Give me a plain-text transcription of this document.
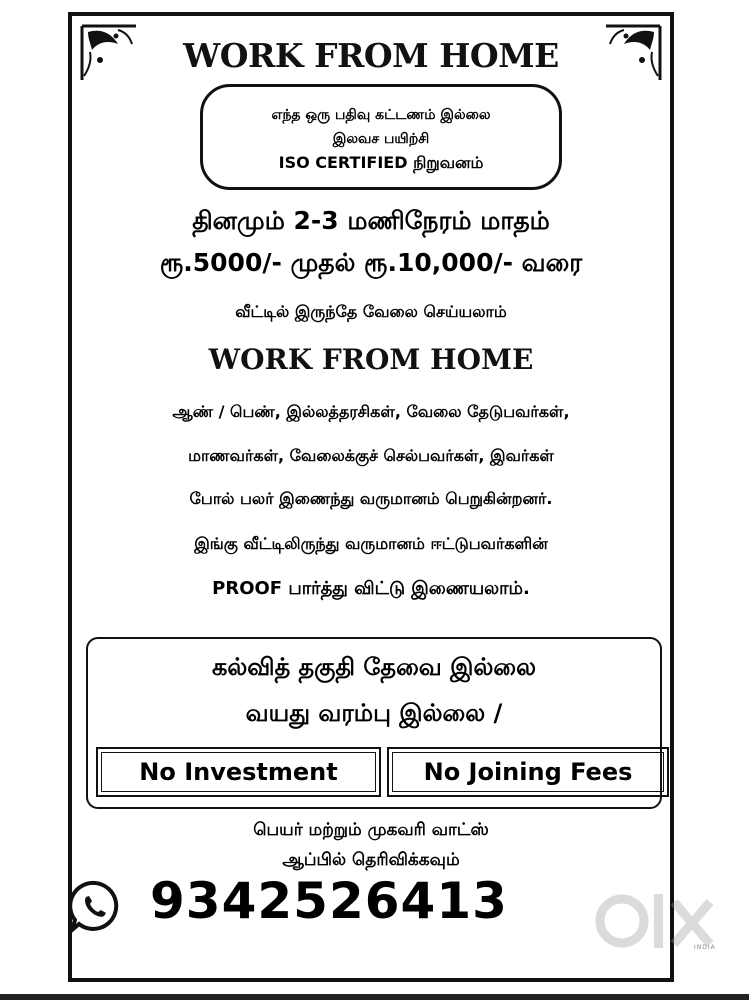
WORK FROM HOME
எந்த ஒரு பதிவு கட்டணம் இல்லை
இலவச பயிற்சி
ISO CERTIFIED நிறுவனம்
தினமும் 2-3 மணிநேரம் மாதம்
ரூ.5000/- முதல் ரூ.10,000/- வரை
வீட்டில் இருந்தே வேலை செய்யலாம்
WORK FROM HOME
ஆண் / பெண், இல்லத்தரசிகள், வேலை தேடுபவர்கள்,
மாணவர்கள், வேலைக்குச் செல்பவர்கள், இவர்கள்
போல் பலர் இணைந்து வருமானம் பெறுகின்றனர்.
இங்கு வீட்டிலிருந்து வருமானம் ஈட்டுபவர்களின்
PROOF பார்த்து விட்டு இணையலாம்.
கல்வித் தகுதி தேவை இல்லை
வயது வரம்பு இல்லை /
No Investment	No Joining Fees
பெயர் மற்றும் முகவரி வாட்ஸ்
ஆப்பில் தெரிவிக்கவும்
9342526413
INDIA
